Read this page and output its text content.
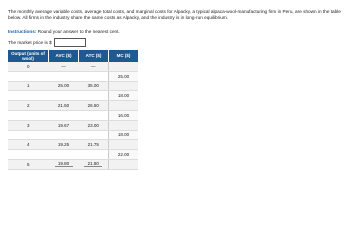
The monthly average variable costs, average total costs, and marginal costs for Alpacky, a typical alpaca-wool-manufacturing firm in Peru, are shown in the table below. All firms in the industry share the same costs as Alpacky, and the industry is in long-run equilibrium.

Instructions: Round your answer to the nearest cent.

The market price is $
Output (units of wool)	AVC ($)	ATC ($)	MC ($)
0	—	—	
			25.00
1	25.00	35.00	
			18.00
2	21.50	26.50	
			16.00
3	19.67	23.00	
			18.00
4	19.25	21.75	
			22.00
5	19.80	21.80	
